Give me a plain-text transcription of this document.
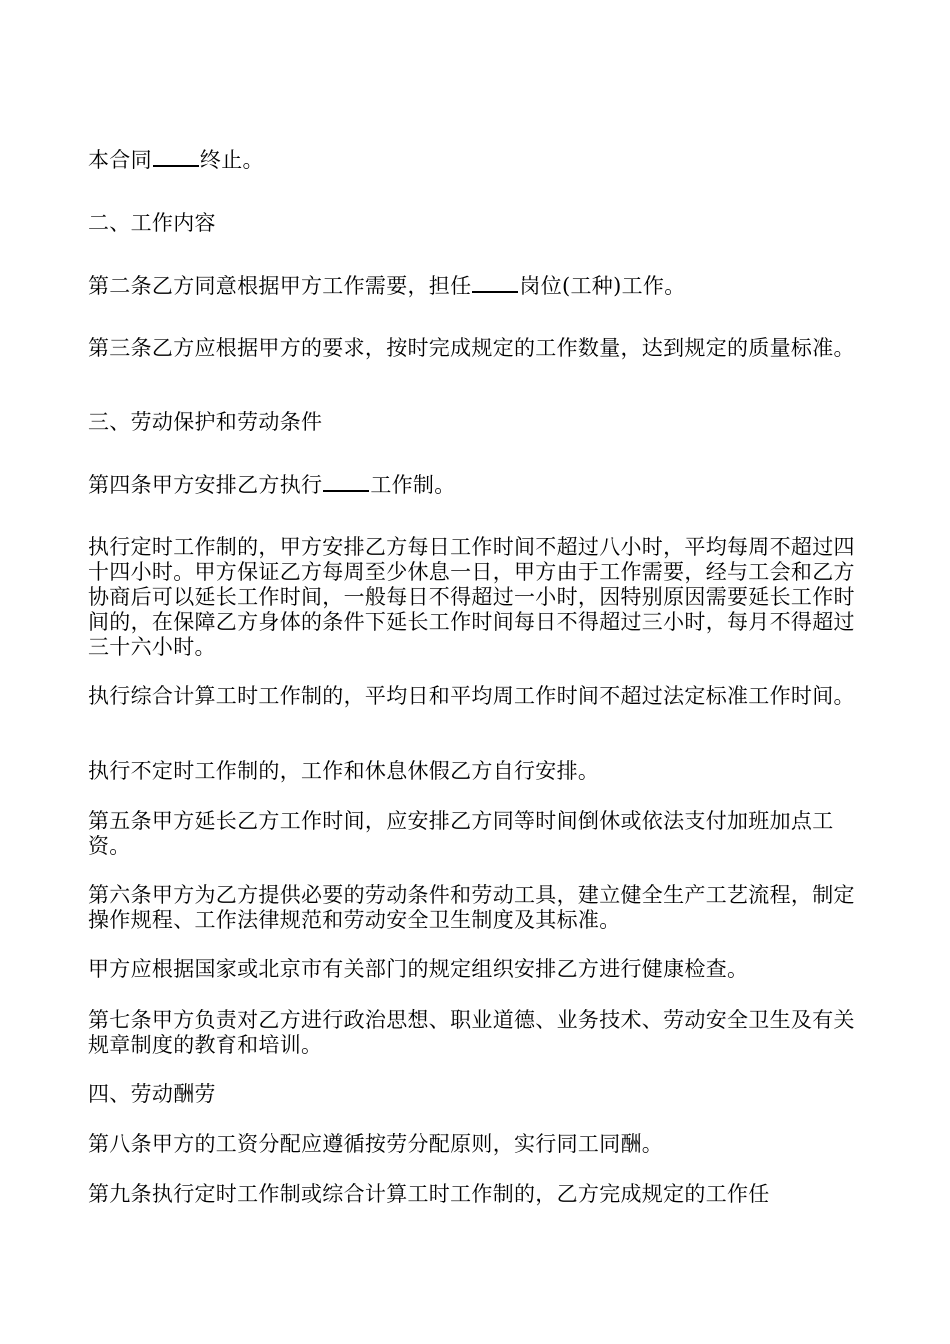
本合同 终止。

二、工作内容

第二条乙方同意根据甲方工作需要，担任 岗位(工种)工作。

第三条乙方应根据甲方的要求，按时完成规定的工作数量，达到规定的质量标准。

三、劳动保护和劳动条件

第四条甲方安排乙方执行 工作制。

执行定时工作制的，甲方安排乙方每日工作时间不超过八小时，平均每周不超过四十四小时。甲方保证乙方每周至少休息一日，甲方由于工作需要，经与工会和乙方协商后可以延长工作时间，一般每日不得超过一小时，因特别原因需要延长工作时间的，在保障乙方身体的条件下延长工作时间每日不得超过三小时，每月不得超过三十六小时。

执行综合计算工时工作制的，平均日和平均周工作时间不超过法定标准工作时间。

执行不定时工作制的，工作和休息休假乙方自行安排。

第五条甲方延长乙方工作时间，应安排乙方同等时间倒休或依法支付加班加点工资。

第六条甲方为乙方提供必要的劳动条件和劳动工具，建立健全生产工艺流程，制定操作规程、工作法律规范和劳动安全卫生制度及其标准。

甲方应根据国家或北京市有关部门的规定组织安排乙方进行健康检查。

第七条甲方负责对乙方进行政治思想、职业道德、业务技术、劳动安全卫生及有关规章制度的教育和培训。

四、劳动酬劳

第八条甲方的工资分配应遵循按劳分配原则，实行同工同酬。

第九条执行定时工作制或综合计算工时工作制的，乙方完成规定的工作任
